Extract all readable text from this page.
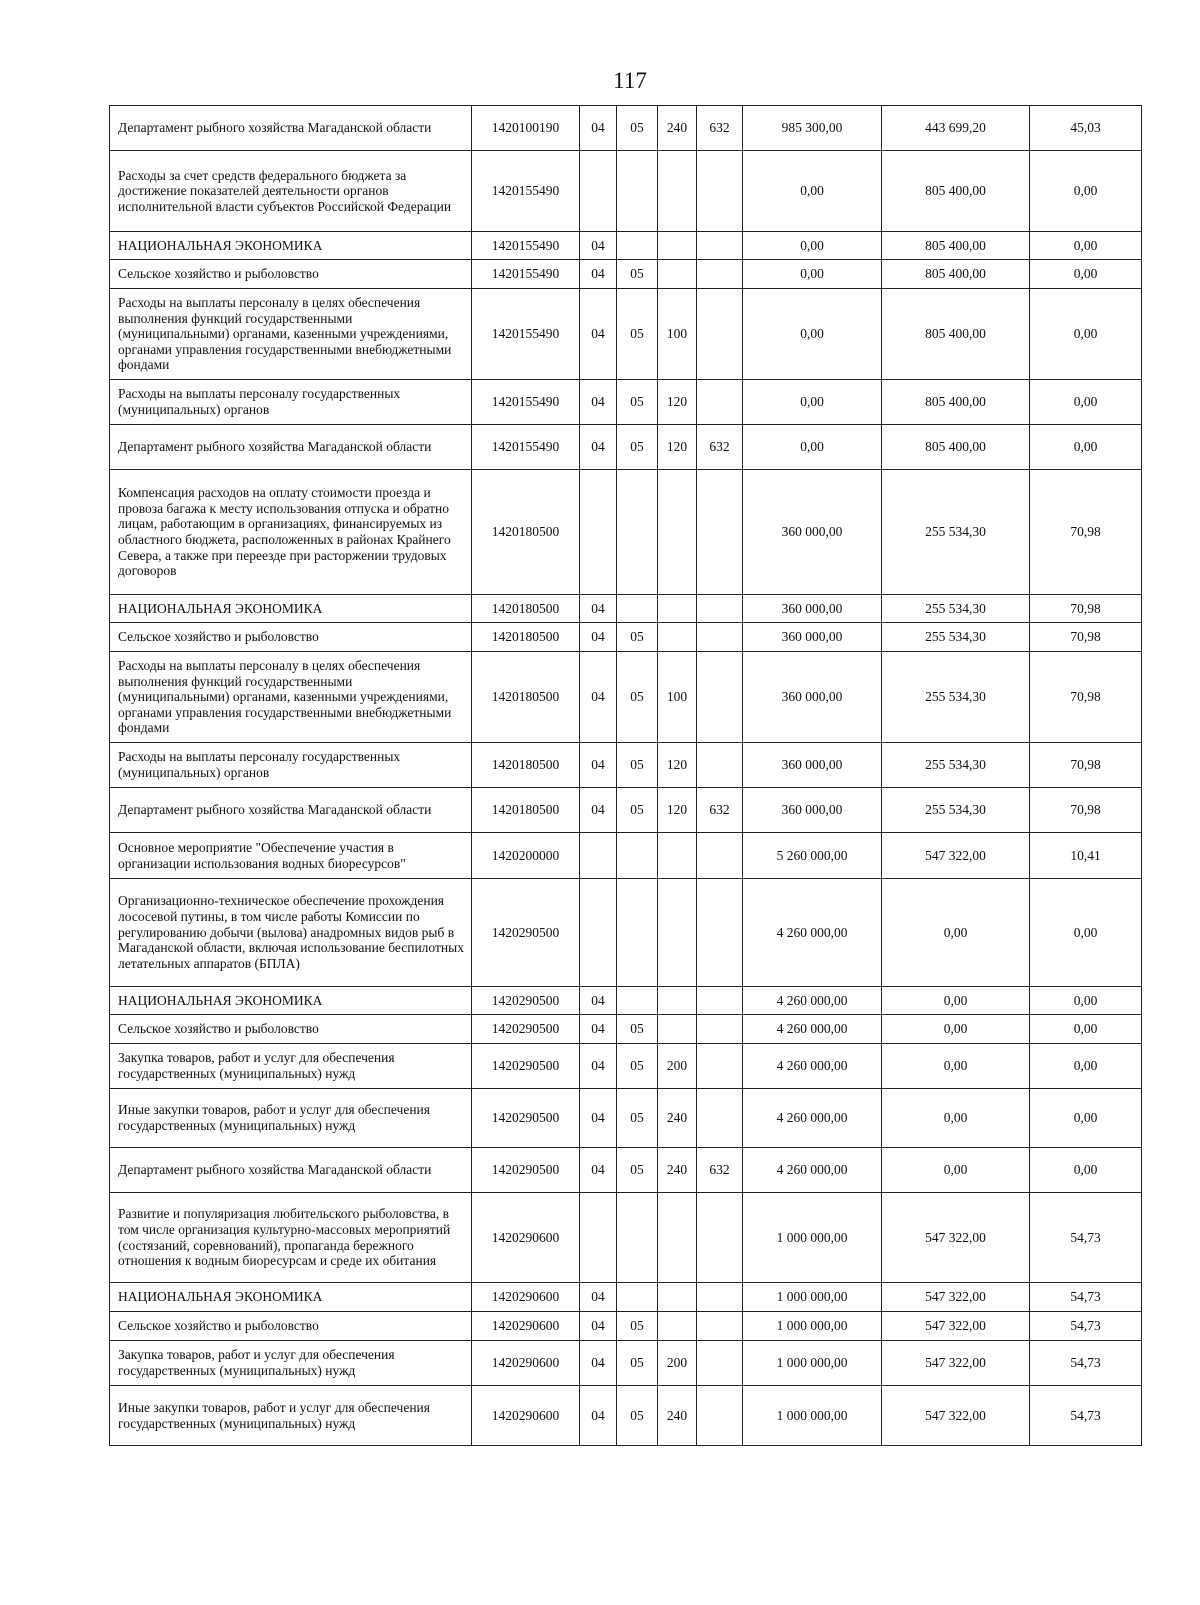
117
Департамент рыбного хозяйства Магаданской области	1420100190	04	05	240	632	985 300,00	443 699,20	45,03
Расходы за счет средств федерального бюджета за достижение показателей деятельности органов исполнительной власти субъектов Российской Федерации	1420155490					0,00	805 400,00	0,00
НАЦИОНАЛЬНАЯ ЭКОНОМИКА	1420155490	04				0,00	805 400,00	0,00
Сельское хозяйство и рыболовство	1420155490	04	05			0,00	805 400,00	0,00
Расходы на выплаты персоналу в целях обеспечения выполнения функций государственными (муниципальными) органами, казенными учреждениями, органами управления государственными внебюджетными фондами	1420155490	04	05	100		0,00	805 400,00	0,00
Расходы на выплаты персоналу государственных (муниципальных) органов	1420155490	04	05	120		0,00	805 400,00	0,00
Департамент рыбного хозяйства Магаданской области	1420155490	04	05	120	632	0,00	805 400,00	0,00
Компенсация расходов на оплату стоимости проезда и провоза багажа к месту использования отпуска и обратно лицам, работающим в организациях, финансируемых из областного бюджета, расположенных в районах Крайнего Севера, а также при переезде при расторжении трудовых договоров	1420180500					360 000,00	255 534,30	70,98
НАЦИОНАЛЬНАЯ ЭКОНОМИКА	1420180500	04				360 000,00	255 534,30	70,98
Сельское хозяйство и рыболовство	1420180500	04	05			360 000,00	255 534,30	70,98
Расходы на выплаты персоналу в целях обеспечения выполнения функций государственными (муниципальными) органами, казенными учреждениями, органами управления государственными внебюджетными фондами	1420180500	04	05	100		360 000,00	255 534,30	70,98
Расходы на выплаты персоналу государственных (муниципальных) органов	1420180500	04	05	120		360 000,00	255 534,30	70,98
Департамент рыбного хозяйства Магаданской области	1420180500	04	05	120	632	360 000,00	255 534,30	70,98
Основное мероприятие "Обеспечение участия в организации использования водных биоресурсов"	1420200000					5 260 000,00	547 322,00	10,41
Организационно-техническое обеспечение прохождения лососевой путины, в том числе работы Комиссии по регулированию добычи (вылова) анадромных видов рыб в Магаданской области, включая использование беспилотных летательных аппаратов (БПЛА)	1420290500					4 260 000,00	0,00	0,00
НАЦИОНАЛЬНАЯ ЭКОНОМИКА	1420290500	04				4 260 000,00	0,00	0,00
Сельское хозяйство и рыболовство	1420290500	04	05			4 260 000,00	0,00	0,00
Закупка товаров, работ и услуг для обеспечения государственных (муниципальных) нужд	1420290500	04	05	200		4 260 000,00	0,00	0,00
Иные закупки товаров, работ и услуг для обеспечения государственных (муниципальных) нужд	1420290500	04	05	240		4 260 000,00	0,00	0,00
Департамент рыбного хозяйства Магаданской области	1420290500	04	05	240	632	4 260 000,00	0,00	0,00
Развитие и популяризация любительского рыболовства, в том числе организация культурно-массовых мероприятий (состязаний, соревнований), пропаганда бережного отношения к водным биоресурсам и среде их обитания	1420290600					1 000 000,00	547 322,00	54,73
НАЦИОНАЛЬНАЯ ЭКОНОМИКА	1420290600	04				1 000 000,00	547 322,00	54,73
Сельское хозяйство и рыболовство	1420290600	04	05			1 000 000,00	547 322,00	54,73
Закупка товаров, работ и услуг для обеспечения государственных (муниципальных) нужд	1420290600	04	05	200		1 000 000,00	547 322,00	54,73
Иные закупки товаров, работ и услуг для обеспечения государственных (муниципальных) нужд	1420290600	04	05	240		1 000 000,00	547 322,00	54,73
